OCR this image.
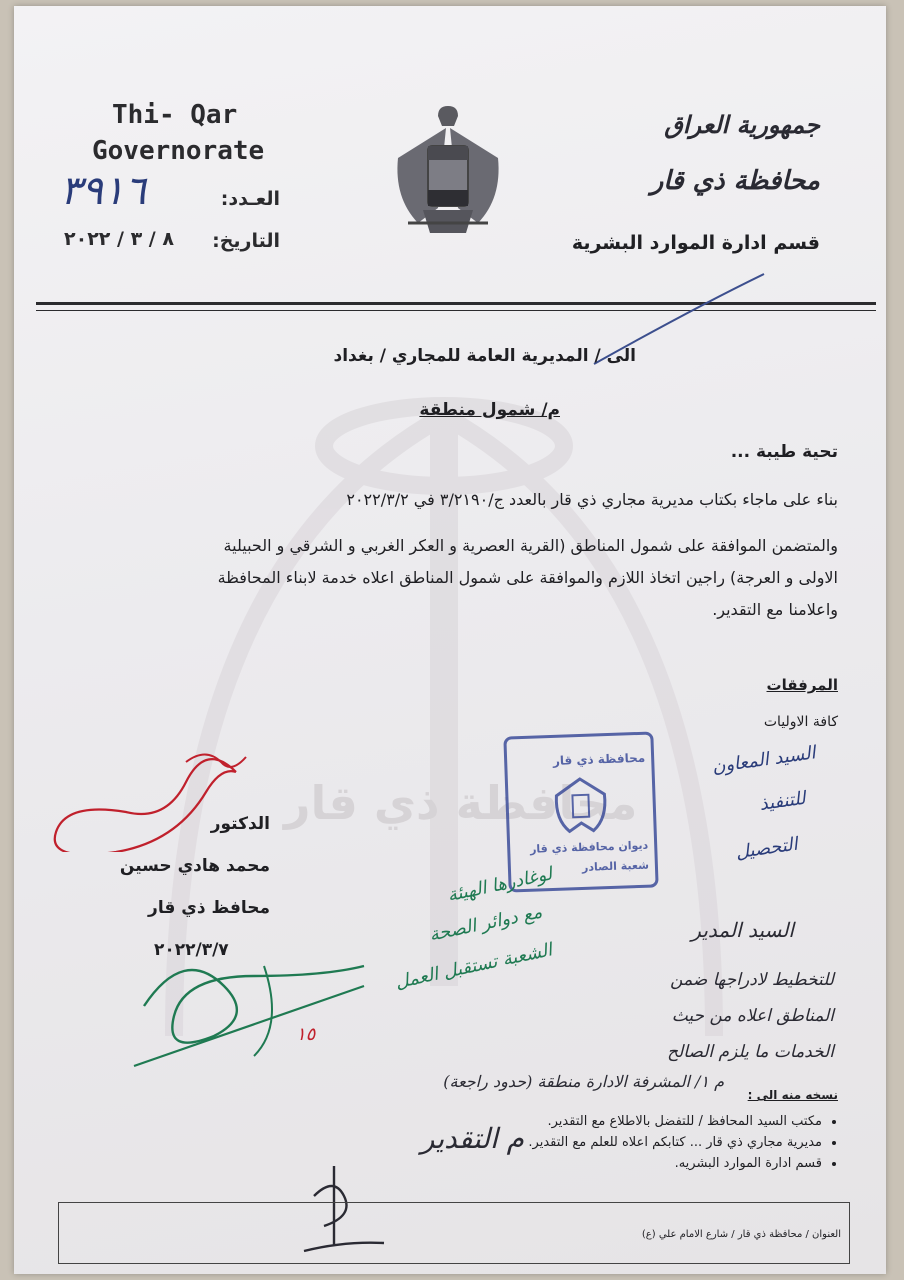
محافظة ذي قار
Thi- Qar
Governorate
العـدد:
٣٩١٦
التاريخ:
٨ / ٣ / ٢٠٢٢
جمهورية العراق
محافظة ذي قار
قسم ادارة الموارد البشرية
الى / المديرية العامة للمجاري / بغداد
م/ شمول منطقة
تحية طيبة ...
بناء على ماجاء بكتاب مديرية مجاري ذي قار بالعدد ج/٣/٢١٩٠ في ٢٠٢٢/٣/٢
والمتضمن الموافقة على شمول المناطق (القرية العصرية و العكر الغربي و الشرقي و الحبيلية
الاولى و العرجة) راجين اتخاذ اللازم والموافقة على شمول المناطق اعلاه خدمة لابناء المحافظة
واعلامنا مع التقدير.
المرفقات
كافة الاوليات
محافظة ذي قار
ديوان محافظة ذي قار
شعبة الصادر
السيد المعاون
للتنفيذ
التحصيل
الدكتور
محمد هادي حسين
محافظ ذي قار
٢٠٢٢/٣/٧
لوغادرها الهيئة
مع دوائر الصحة
الشعبة تستقبل العمل
السيد المدير
للتخطيط لادراجها ضمن
المناطق اعلاه من حيث
الخدمات ما يلزم الصالح
١٥
م ١/ المشرفة الادارة منطقة (حدود راجعة)
نسخه منه الى :
• مكتب السيد المحافظ / للتفضل بالاطلاع مع التقدير.
• مديرية مجاري ذي قار ... كتابكم اعلاه للعلم مع التقدير.
• قسم ادارة الموارد البشريه.
م التقدير
العنوان / محافظة ذي قار / شارع الامام علي (ع)
